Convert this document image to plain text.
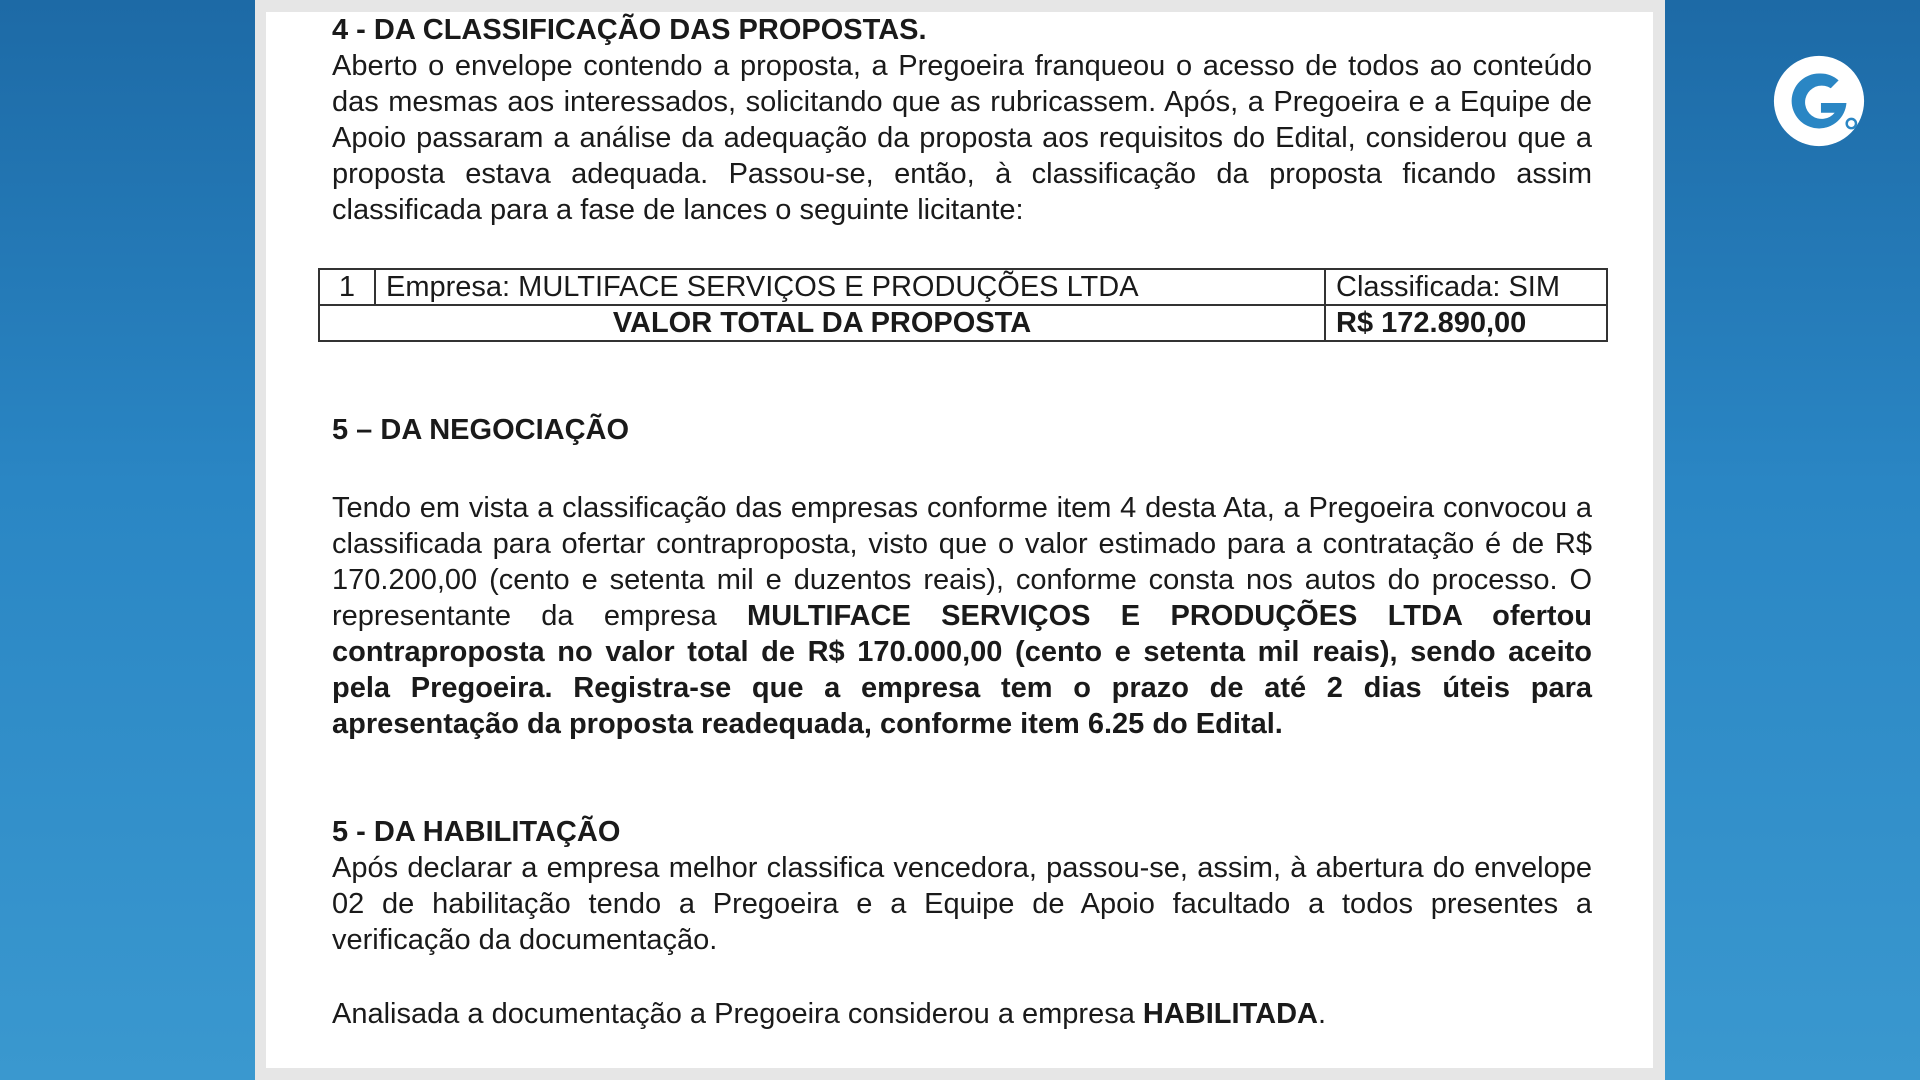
4 - DA CLASSIFICAÇÃO DAS PROPOSTAS.

Aberto o envelope contendo a proposta, a Pregoeira franqueou o acesso de todos ao conteúdo das mesmas aos interessados, solicitando que as rubricassem. Após, a Pregoeira e a Equipe de Apoio passaram a análise da adequação da proposta aos requisitos do Edital, considerou que a proposta estava adequada. Passou-se, então, à classificação da proposta ficando assim classificada para a fase de lances o seguinte licitante:

1	Empresa: MULTIFACE SERVIÇOS E PRODUÇÕES LTDA	Classificada: SIM
VALOR TOTAL DA PROPOSTA		R$ 172.890,00

5 – DA NEGOCIAÇÃO

Tendo em vista a classificação das empresas conforme item 4 desta Ata, a Pregoeira convocou a classificada para ofertar contraproposta, visto que o valor estimado para a contratação é de R$ 170.200,00 (cento e setenta mil e duzentos reais), conforme consta nos autos do processo. O representante da empresa MULTIFACE SERVIÇOS E PRODUÇÕES LTDA ofertou contraproposta no valor total de R$ 170.000,00 (cento e setenta mil reais), sendo aceito pela Pregoeira. Registra-se que a empresa tem o prazo de até 2 dias úteis para apresentação da proposta readequada, conforme item 6.25 do Edital.

5 - DA HABILITAÇÃO

Após declarar a empresa melhor classifica vencedora, passou-se, assim, à abertura do envelope 02 de habilitação tendo a Pregoeira e a Equipe de Apoio facultado a todos presentes a verificação da documentação.

Analisada a documentação a Pregoeira considerou a empresa HABILITADA.
